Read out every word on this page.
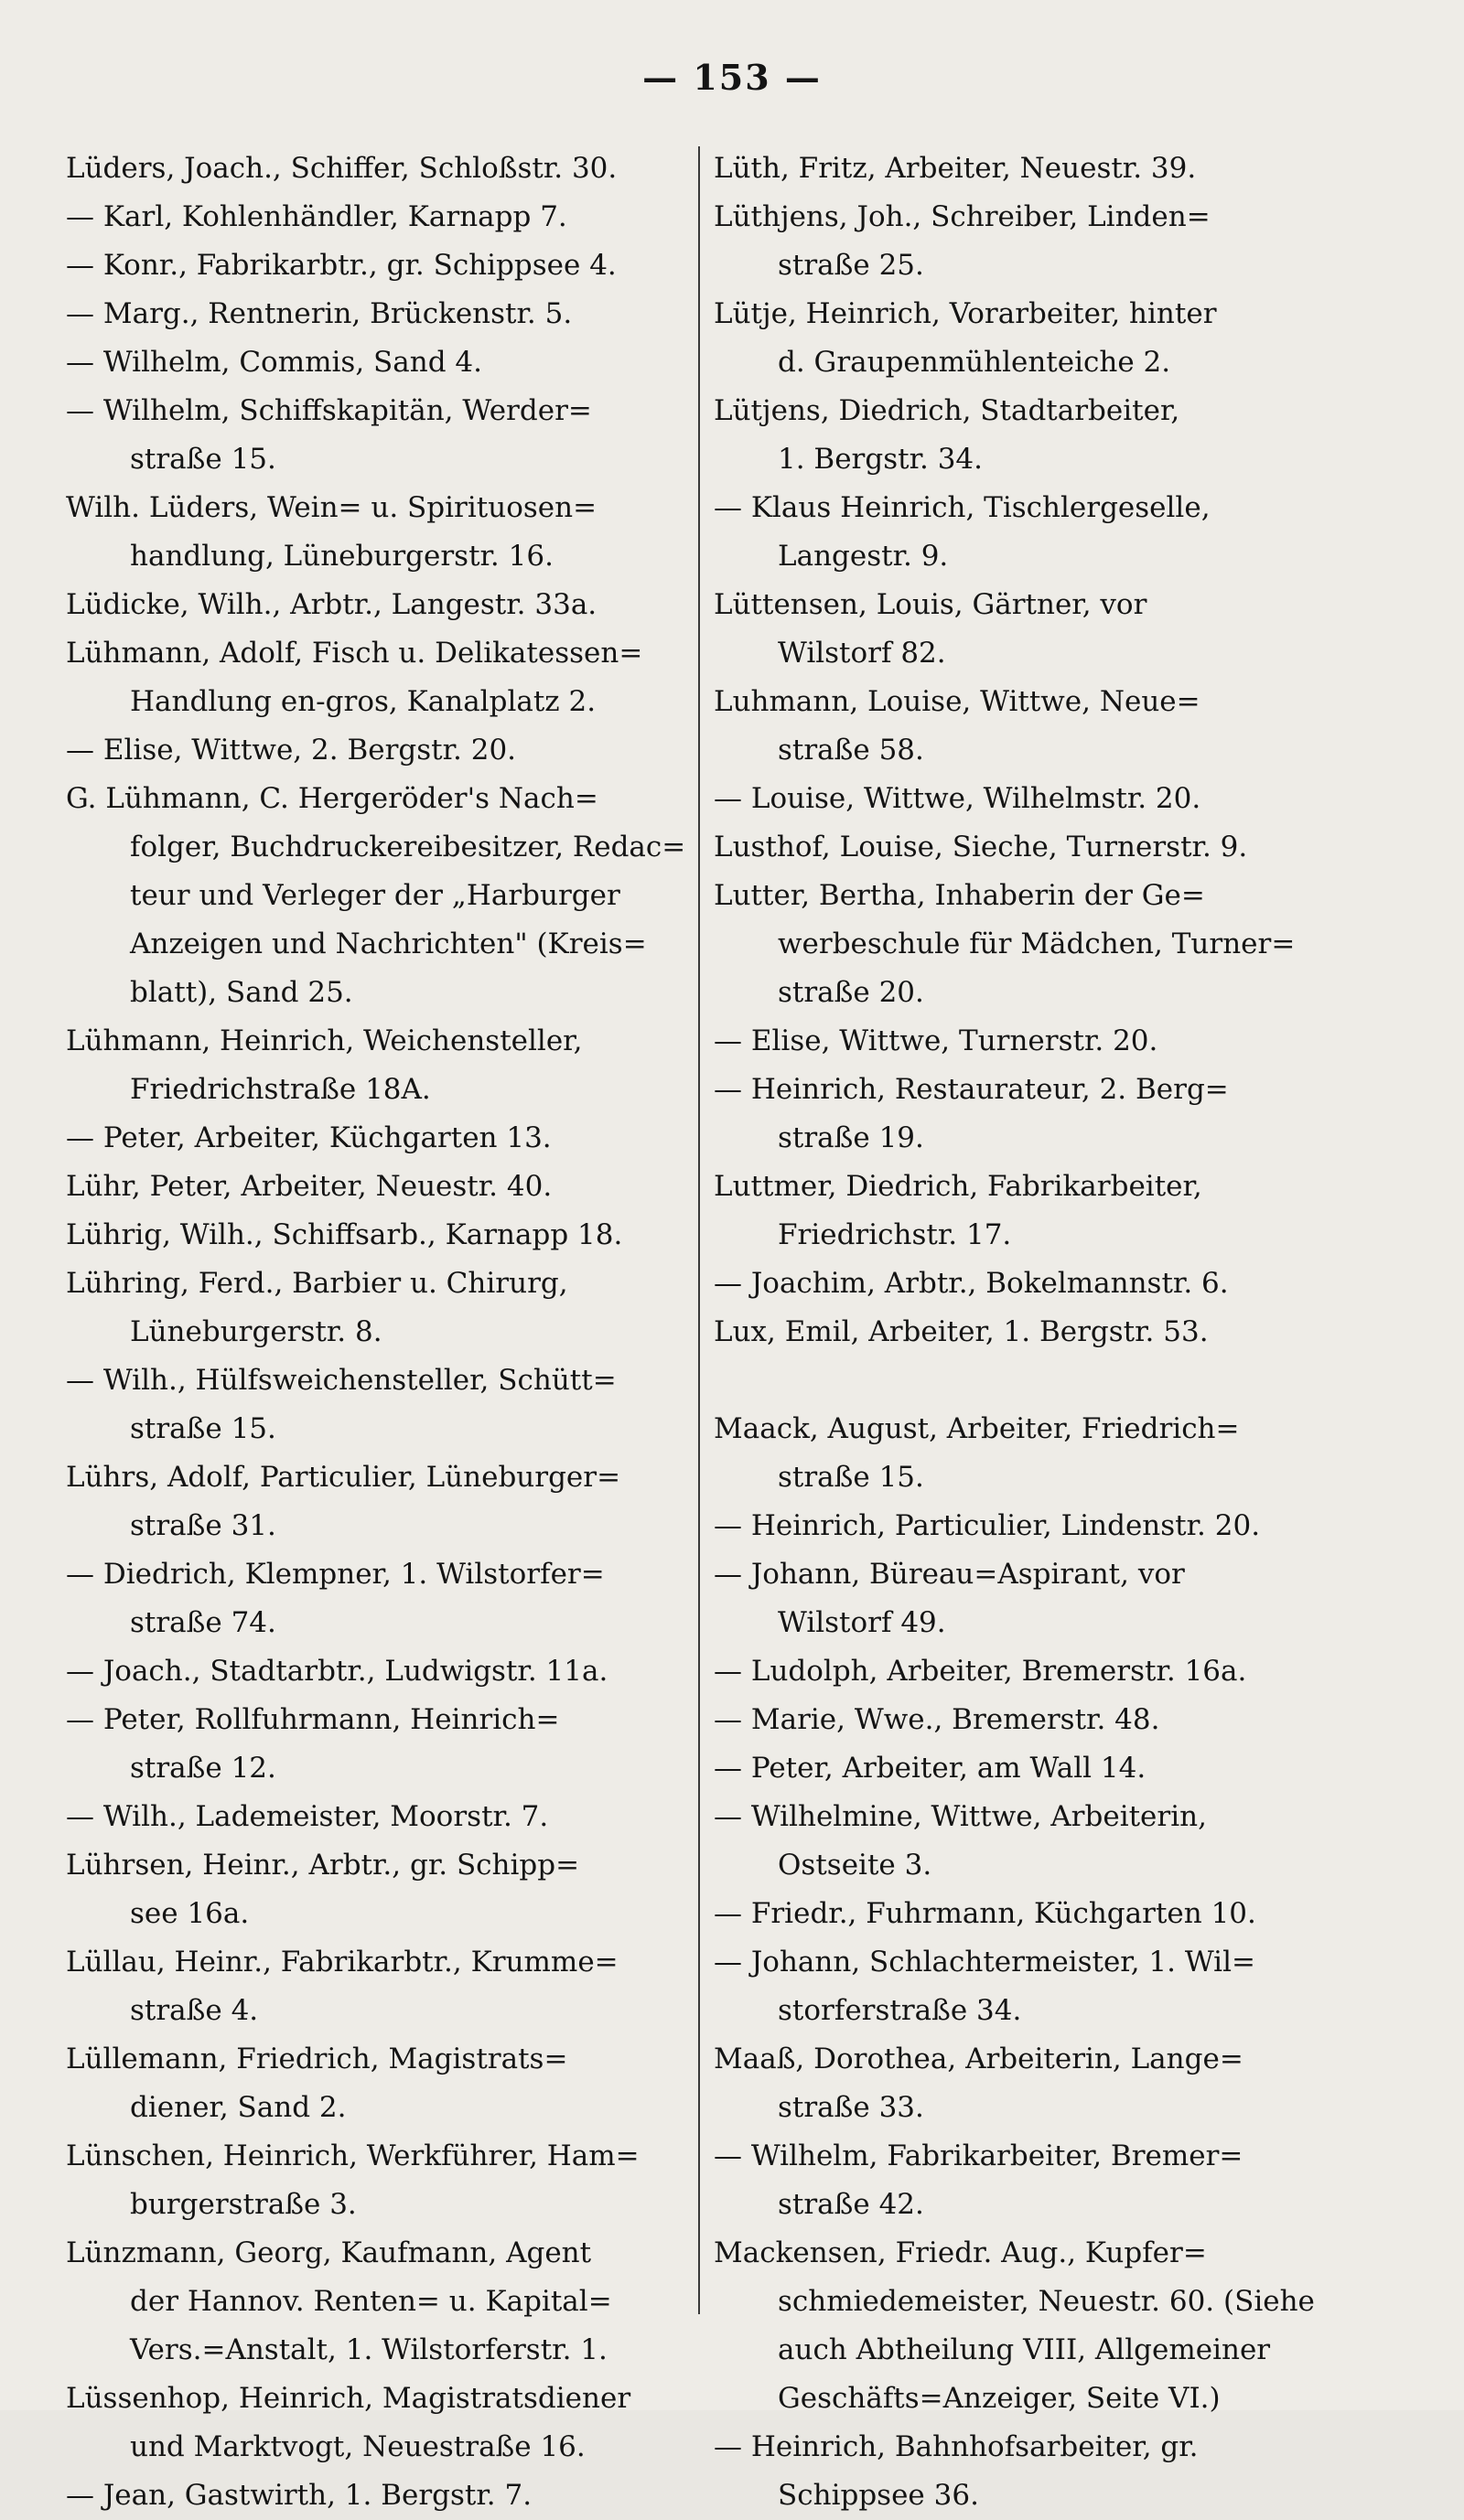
— 153 —
Lüders, Joach., Schiffer, Schloßstr. 30.
— Karl, Kohlenhändler, Karnapp 7.
— Konr., Fabrikarbtr., gr. Schippsee 4.
— Marg., Rentnerin, Brückenstr. 5.
— Wilhelm, Commis, Sand 4.
— Wilhelm, Schiffskapitän, Werder=
straße 15.
Wilh. Lüders, Wein= u. Spirituosen=
handlung, Lüneburgerstr. 16.
Lüdicke, Wilh., Arbtr., Langestr. 33a.
Lühmann, Adolf, Fisch u. Delikatessen=
Handlung en-gros, Kanalplatz 2.
— Elise, Wittwe, 2. Bergstr. 20.
G. Lühmann, C. Hergeröder's Nach=
folger, Buchdruckereibesitzer, Redac=
teur und Verleger der „Harburger
Anzeigen und Nachrichten" (Kreis=
blatt), Sand 25.
Lühmann, Heinrich, Weichensteller,
Friedrichstraße 18A.
— Peter, Arbeiter, Küchgarten 13.
Lühr, Peter, Arbeiter, Neuestr. 40.
Lührig, Wilh., Schiffsarb., Karnapp 18.
Lühring, Ferd., Barbier u. Chirurg,
Lüneburgerstr. 8.
— Wilh., Hülfsweichensteller, Schütt=
straße 15.
Lührs, Adolf, Particulier, Lüneburger=
straße 31.
— Diedrich, Klempner, 1. Wilstorfer=
straße 74.
— Joach., Stadtarbtr., Ludwigstr. 11a.
— Peter, Rollfuhrmann, Heinrich=
straße 12.
— Wilh., Lademeister, Moorstr. 7.
Lührsen, Heinr., Arbtr., gr. Schipp=
see 16a.
Lüllau, Heinr., Fabrikarbtr., Krumme=
straße 4.
Lüllemann, Friedrich, Magistrats=
diener, Sand 2.
Lünschen, Heinrich, Werkführer, Ham=
burgerstraße 3.
Lünzmann, Georg, Kaufmann, Agent
der Hannov. Renten= u. Kapital=
Vers.=Anstalt, 1. Wilstorferstr. 1.
Lüssenhop, Heinrich, Magistratsdiener
und Marktvogt, Neuestraße 16.
— Jean, Gastwirth, 1. Bergstr. 7.
Lüth, Fritz, Arbeiter, Neuestr. 39.
Lüthjens, Joh., Schreiber, Linden=
straße 25.
Lütje, Heinrich, Vorarbeiter, hinter
d. Graupenmühlenteiche 2.
Lütjens, Diedrich, Stadtarbeiter,
1. Bergstr. 34.
— Klaus Heinrich, Tischlergeselle,
Langestr. 9.
Lüttensen, Louis, Gärtner, vor
Wilstorf 82.
Luhmann, Louise, Wittwe, Neue=
straße 58.
— Louise, Wittwe, Wilhelmstr. 20.
Lusthof, Louise, Sieche, Turnerstr. 9.
Lutter, Bertha, Inhaberin der Ge=
werbeschule für Mädchen, Turner=
straße 20.
— Elise, Wittwe, Turnerstr. 20.
— Heinrich, Restaurateur, 2. Berg=
straße 19.
Luttmer, Diedrich, Fabrikarbeiter,
Friedrichstr. 17.
— Joachim, Arbtr., Bokelmannstr. 6.
Lux, Emil, Arbeiter, 1. Bergstr. 53.
Maack, August, Arbeiter, Friedrich=
straße 15.
— Heinrich, Particulier, Lindenstr. 20.
— Johann, Büreau=Aspirant, vor
Wilstorf 49.
— Ludolph, Arbeiter, Bremerstr. 16a.
— Marie, Wwe., Bremerstr. 48.
— Peter, Arbeiter, am Wall 14.
— Wilhelmine, Wittwe, Arbeiterin,
Ostseite 3.
— Friedr., Fuhrmann, Küchgarten 10.
— Johann, Schlachtermeister, 1. Wil=
storferstraße 34.
Maaß, Dorothea, Arbeiterin, Lange=
straße 33.
— Wilhelm, Fabrikarbeiter, Bremer=
straße 42.
Mackensen, Friedr. Aug., Kupfer=
schmiedemeister, Neuestr. 60. (Siehe
auch Abtheilung VIII, Allgemeiner
Geschäfts=Anzeiger, Seite VI.)
— Heinrich, Bahnhofsarbeiter, gr.
Schippsee 36.
